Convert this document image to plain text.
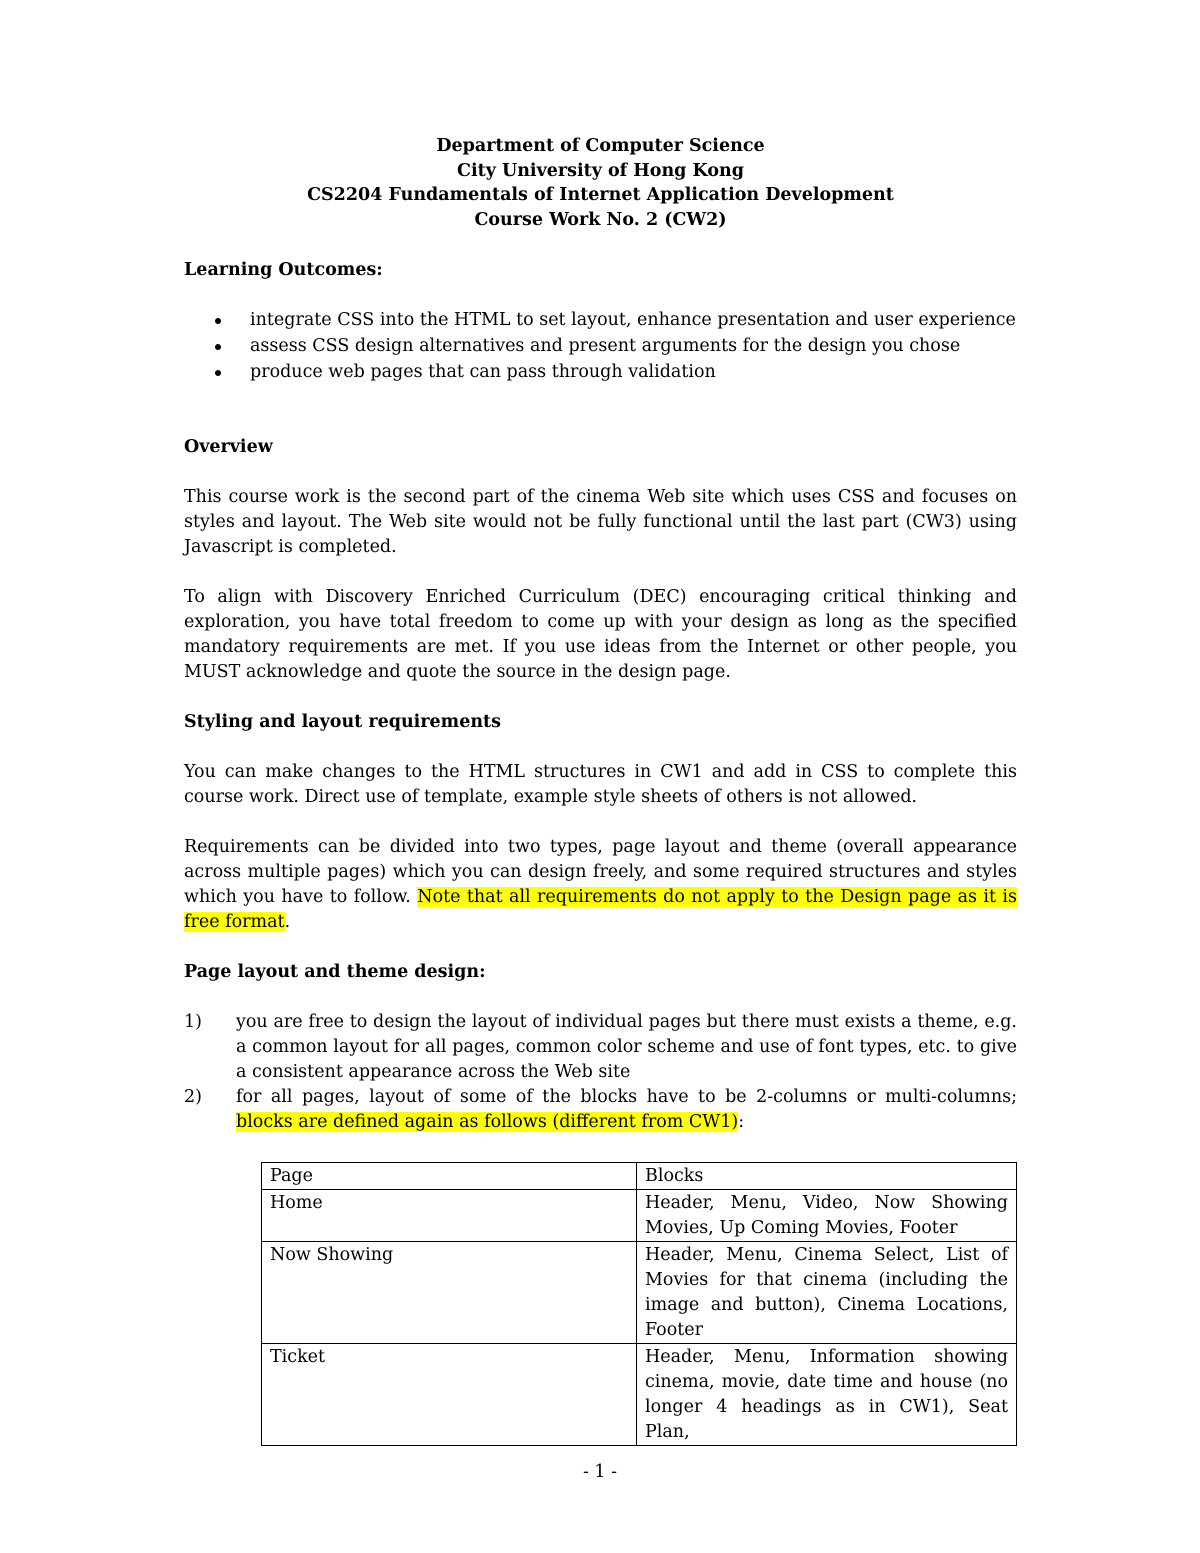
Department of Computer Science
City University of Hong Kong
CS2204 Fundamentals of Internet Application Development
Course Work No. 2 (CW2)
Learning Outcomes:
integrate CSS into the HTML to set layout, enhance presentation and user experience
assess CSS design alternatives and present arguments for the design you chose
produce web pages that can pass through validation
Overview
This course work is the second part of the cinema Web site which uses CSS and focuses on styles and layout. The Web site would not be fully functional until the last part (CW3) using Javascript is completed.
To align with Discovery Enriched Curriculum (DEC) encouraging critical thinking and exploration, you have total freedom to come up with your design as long as the specified mandatory requirements are met. If you use ideas from the Internet or other people, you MUST acknowledge and quote the source in the design page.
Styling and layout requirements
You can make changes to the HTML structures in CW1 and add in CSS to complete this course work. Direct use of template, example style sheets of others is not allowed.
Requirements can be divided into two types, page layout and theme (overall appearance across multiple pages) which you can design freely, and some required structures and styles which you have to follow. Note that all requirements do not apply to the Design page as it is free format.
Page layout and theme design:
1) you are free to design the layout of individual pages but there must exists a theme, e.g. a common layout for all pages, common color scheme and use of font types, etc. to give a consistent appearance across the Web site
2) for all pages, layout of some of the blocks have to be 2-columns or multi-columns; blocks are defined again as follows (different from CW1):
Page	Blocks
Home	Header, Menu, Video, Now Showing Movies, Up Coming Movies, Footer
Now Showing	Header, Menu, Cinema Select, List of Movies for that cinema (including the image and button), Cinema Locations, Footer
Ticket	Header, Menu, Information showing cinema, movie, date time and house (no longer 4 headings as in CW1), Seat Plan,
- 1 -
